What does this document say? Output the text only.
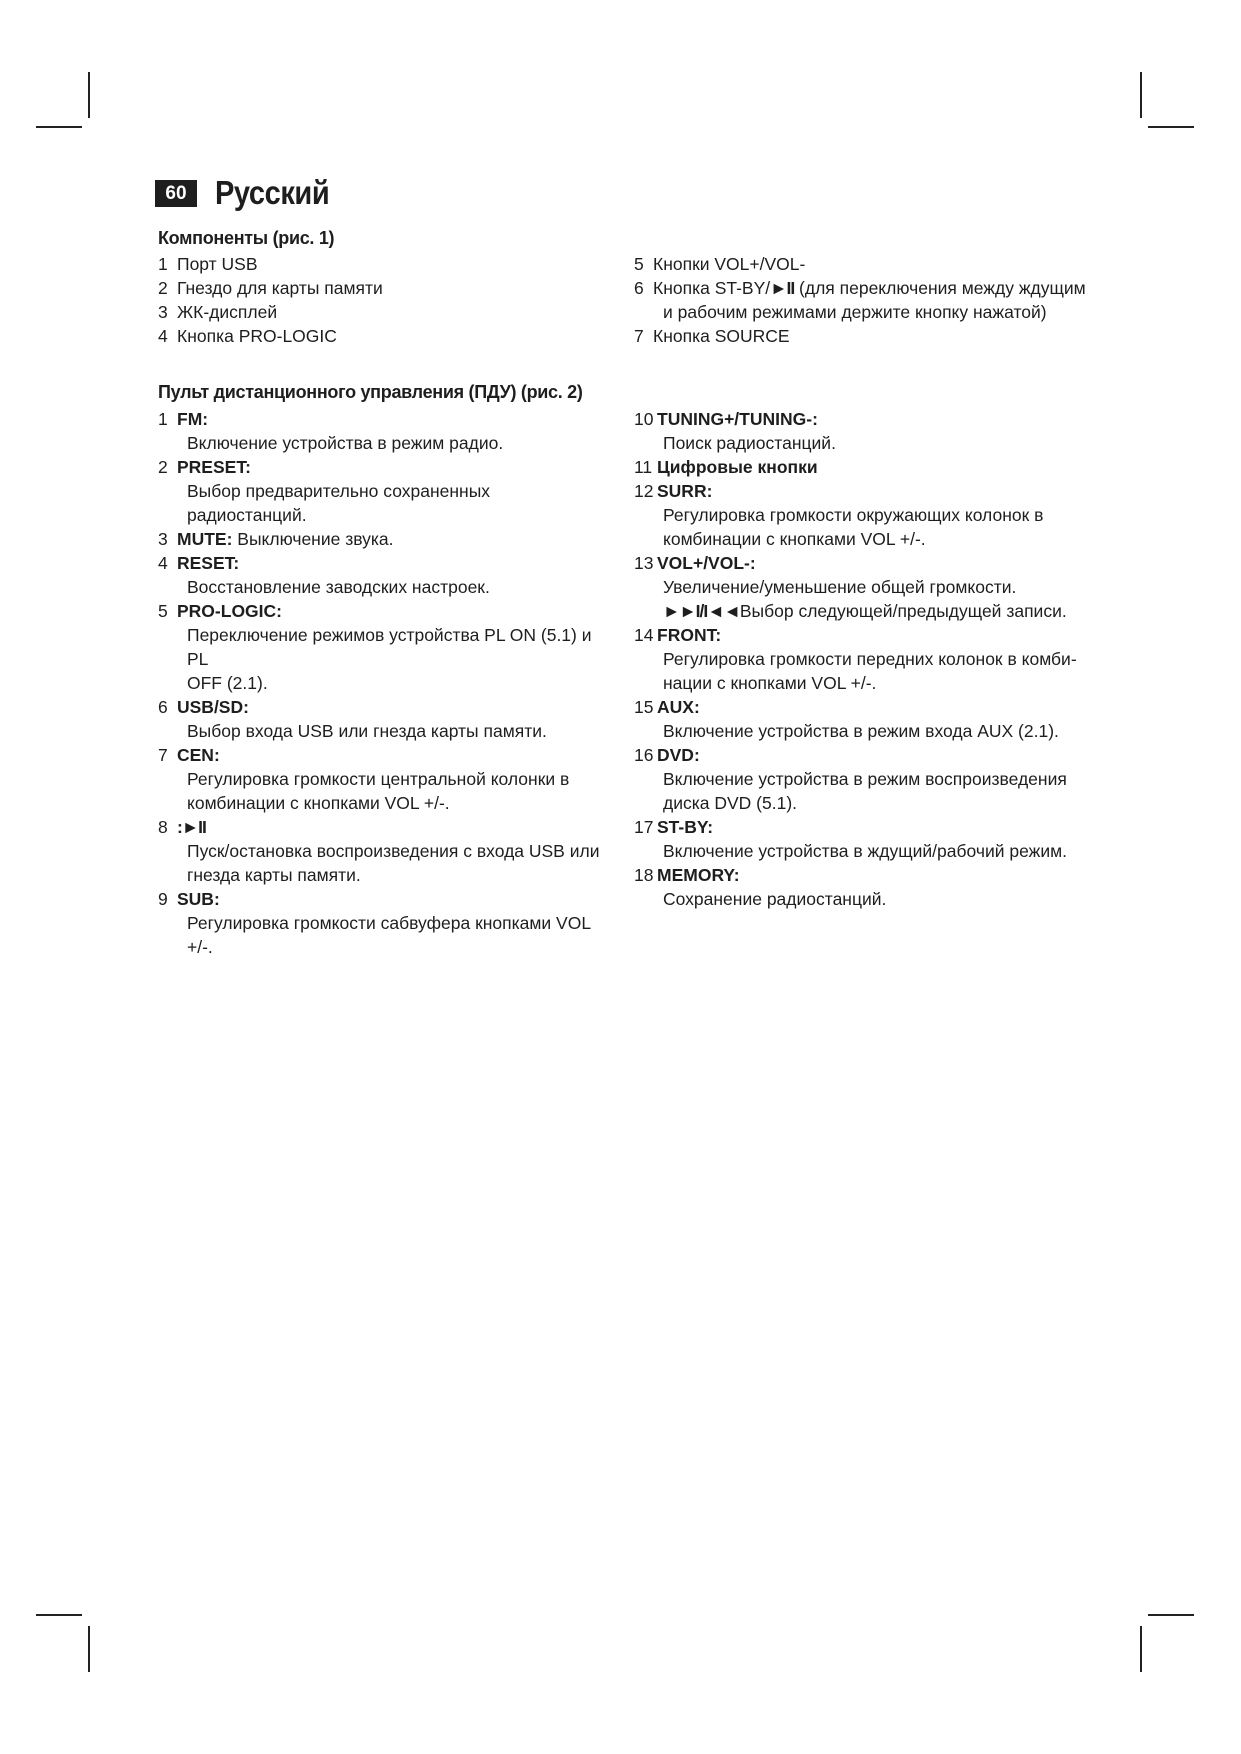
60 Русский
Компоненты (рис. 1)
1 Порт USB
2 Гнездо для карты памяти
3 ЖК-дисплей
4 Кнопка PRO-LOGIC
5 Кнопки VOL+/VOL-
6 Кнопка ST-BY/►II (для переключения между ждущим
и рабочим режимами держите кнопку нажатой)
7 Кнопка SOURCE
Пульт дистанционного управления (ПДУ) (рис. 2)
1 FM:
Включение устройства в режим радио.
2 PRESET:
Выбор предварительно сохраненных радиостанций.
3 MUTE: Выключение звука.
4 RESET:
Восстановление заводских настроек.
5 PRO-LOGIC:
Переключение режимов устройства PL ON (5.1) и PL
OFF (2.1).
6 USB/SD:
Выбор входа USB или гнезда карты памяти.
7 CEN:
Регулировка громкости центральной колонки в
комбинации с кнопками VOL +/-.
8 :►II
Пуск/остановка воспроизведения с входа USB или
гнезда карты памяти.
9 SUB:
Регулировка громкости сабвуфера кнопками VOL +/-.
10 TUNING+/TUNING-:
Поиск радиостанций.
11 Цифровые кнопки
12 SURR:
Регулировка громкости окружающих колонок в
комбинации с кнопками VOL +/-.
13 VOL+/VOL-:
Увеличение/уменьшение общей громкости.
►►I/I◄◄Выбор следующей/предыдущей записи.
14 FRONT:
Регулировка громкости передних колонок в комби-
нации с кнопками VOL +/-.
15 AUX:
Включение устройства в режим входа AUX (2.1).
16 DVD:
Включение устройства в режим воспроизведения
диска DVD (5.1).
17 ST-BY:
Включение устройства в ждущий/рабочий режим.
18 MEMORY:
Сохранение радиостанций.
